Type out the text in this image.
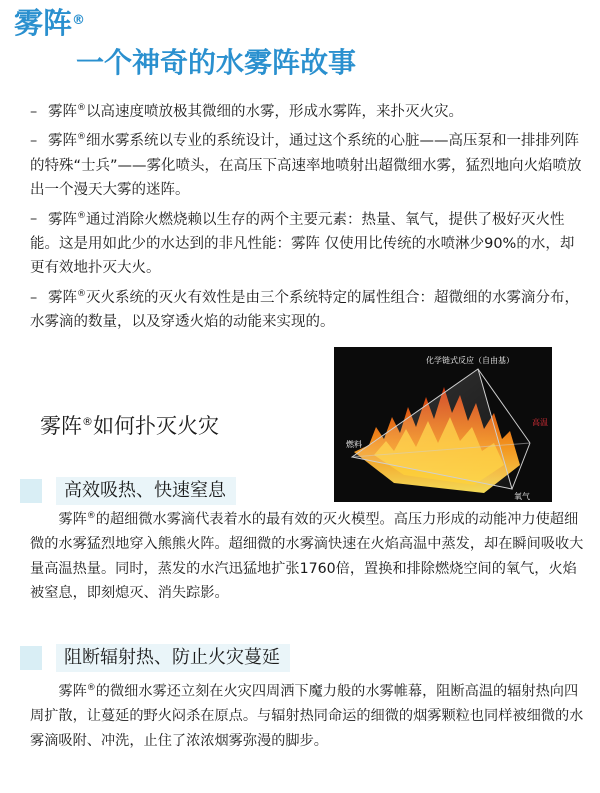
雾阵®
一个神奇的水雾阵故事

– 雾阵®以高速度喷放极其微细的水雾，形成水雾阵，来扑灭火灾。

– 雾阵®细水雾系统以专业的系统设计，通过这个系统的心脏——高压泵和一排排列阵的特殊“士兵”——雾化喷头，在高压下高速率地喷射出超微细水雾，猛烈地向火焰喷放出一个漫天大雾的迷阵。

– 雾阵®通过消除火燃烧赖以生存的两个主要元素：热量、氧气，提供了极好灭火性能。这是用如此少的水达到的非凡性能：雾阵 仅使用比传统的水喷淋少90%的水，却更有效地扑灭大火。

– 雾阵®灭火系统的灭火有效性是由三个系统特定的属性组合：超微细的水雾滴分布，水雾滴的数量，以及穿透火焰的动能来实现的。

化学链式反应（自由基）
高温
燃料
氧气
雾阵®如何扑灭火灾
高效吸热、快速窒息

雾阵®的超细微水雾滴代表着水的最有效的灭火模型。高压力形成的动能冲力使超细微的水雾猛烈地穿入熊熊火阵。超细微的水雾滴快速在火焰高温中蒸发，却在瞬间吸收大量高温热量。同时，蒸发的水汽迅猛地扩张1760倍，置换和排除燃烧空间的氧气，火焰被窒息，即刻熄灭、消失踪影。

阻断辐射热、防止火灾蔓延

雾阵®的微细水雾还立刻在火灾四周洒下魔力般的水雾帷幕，阻断高温的辐射热向四周扩散，让蔓延的野火闷杀在原点。与辐射热同命运的细微的烟雾颗粒也同样被细微的水雾滴吸附、冲洗，止住了浓浓烟雾弥漫的脚步。
